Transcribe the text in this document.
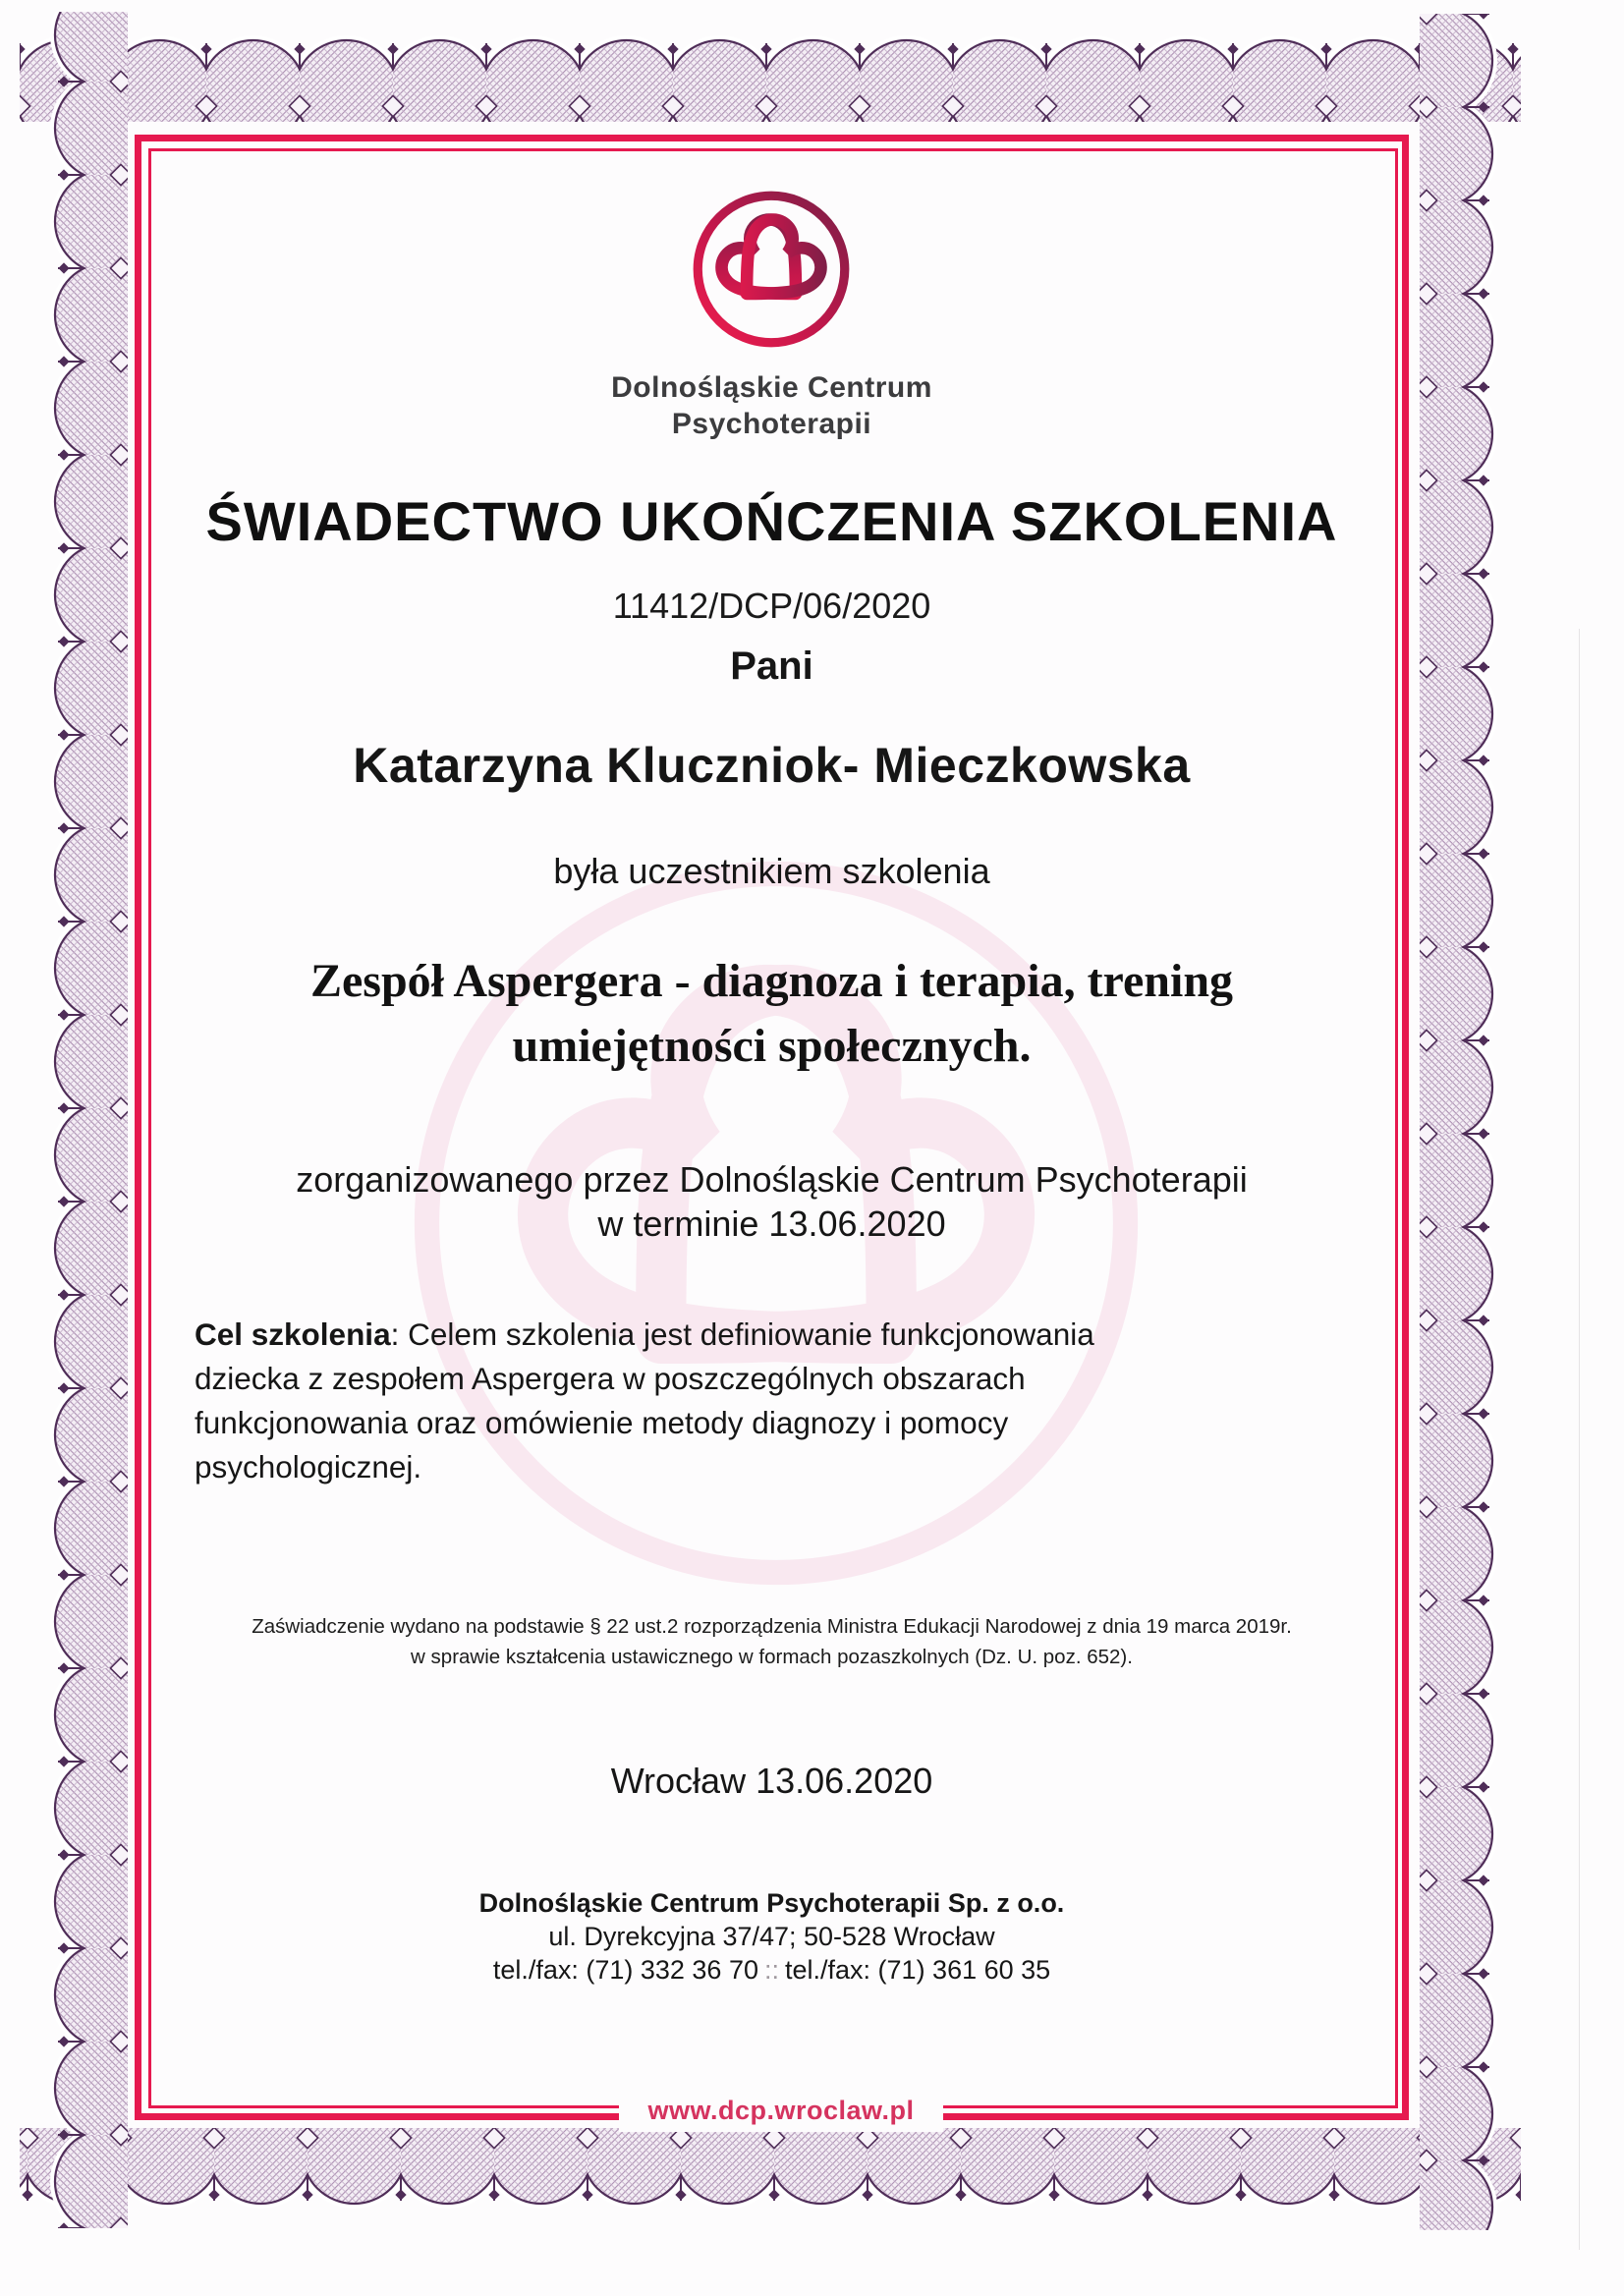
Dolnośląskie Centrum
Psychoterapii
ŚWIADECTWO UKOŃCZENIA SZKOLENIA
11412/DCP/06/2020
Pani
Katarzyna Kluczniok- Mieczkowska
była uczestnikiem szkolenia
Zespół Aspergera - diagnoza i terapia, trening
umiejętności społecznych.
zorganizowanego przez Dolnośląskie Centrum Psychoterapii
w terminie 13.06.2020
Cel szkolenia: Celem szkolenia jest definiowanie funkcjonowania
dziecka z zespołem Aspergera w poszczególnych obszarach
funkcjonowania oraz omówienie metody diagnozy i pomocy
psychologicznej.
Zaświadczenie wydano na podstawie § 22 ust.2 rozporządzenia Ministra Edukacji Narodowej z dnia 19 marca 2019r.
w sprawie kształcenia ustawicznego w formach pozaszkolnych (Dz. U. poz. 652).
Wrocław 13.06.2020
Dolnośląskie Centrum Psychoterapii Sp. z o.o.
ul. Dyrekcyjna 37/47; 50-528 Wrocław
tel./fax: (71) 332 36 70 :: tel./fax: (71) 361 60 35
www.dcp.wroclaw.pl
